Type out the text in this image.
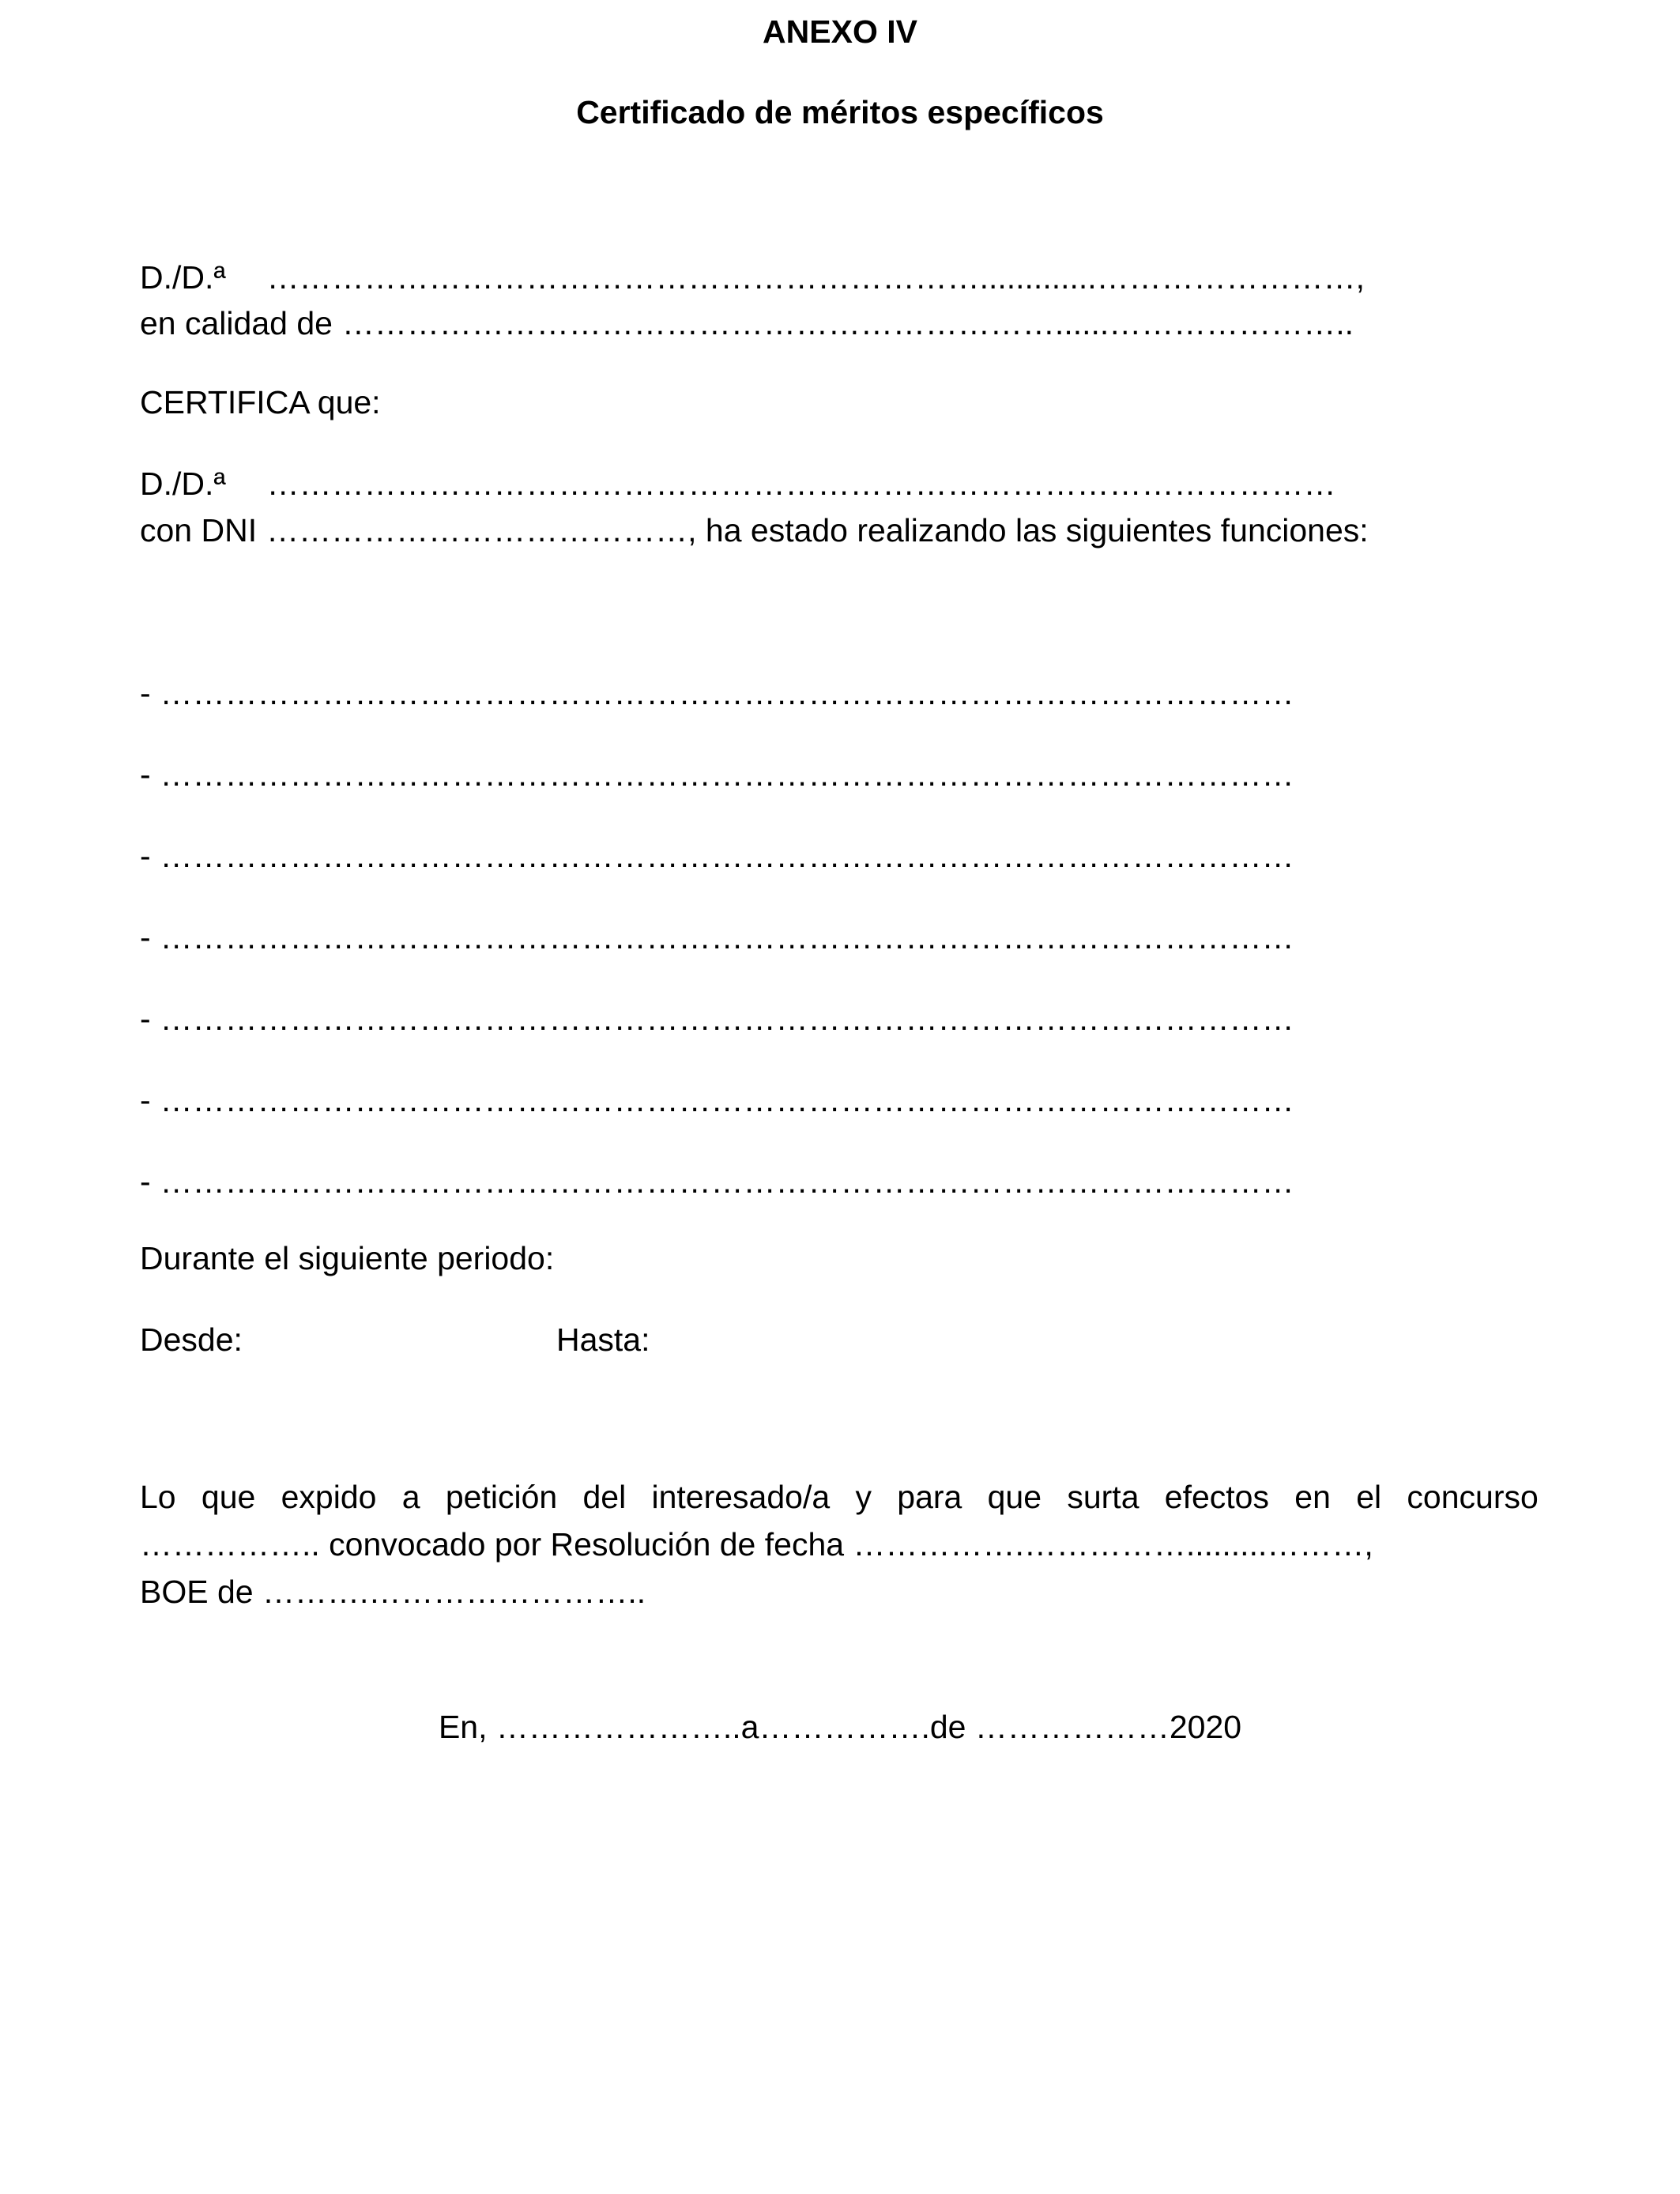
ANEXO IV
Certificado de méritos específicos
D./D.ª ………………………………………………………….............……………………,
en calidad de …………………………………………………………......…………………..
CERTIFICA que:
D./D.ª ………………………………………………………………………………………
con DNI …………………………………, ha estado realizando las siguientes funciones:
- ……………………………………………………………………………………………
- ……………………………………………………………………………………………
- ……………………………………………………………………………………………
- ……………………………………………………………………………………………
- ……………………………………………………………………………………………
- ……………………………………………………………………………………………
- ……………………………………………………………………………………………
Durante el siguiente periodo:
Desde:	Hasta:
Lo que expido a petición del interesado/a y para que surta efectos en el concurso
…………….. convocado por Resolución de fecha …………….…………….........………,
BOE de ……….……………………..
En, …………………..a…………….de ………………2020
